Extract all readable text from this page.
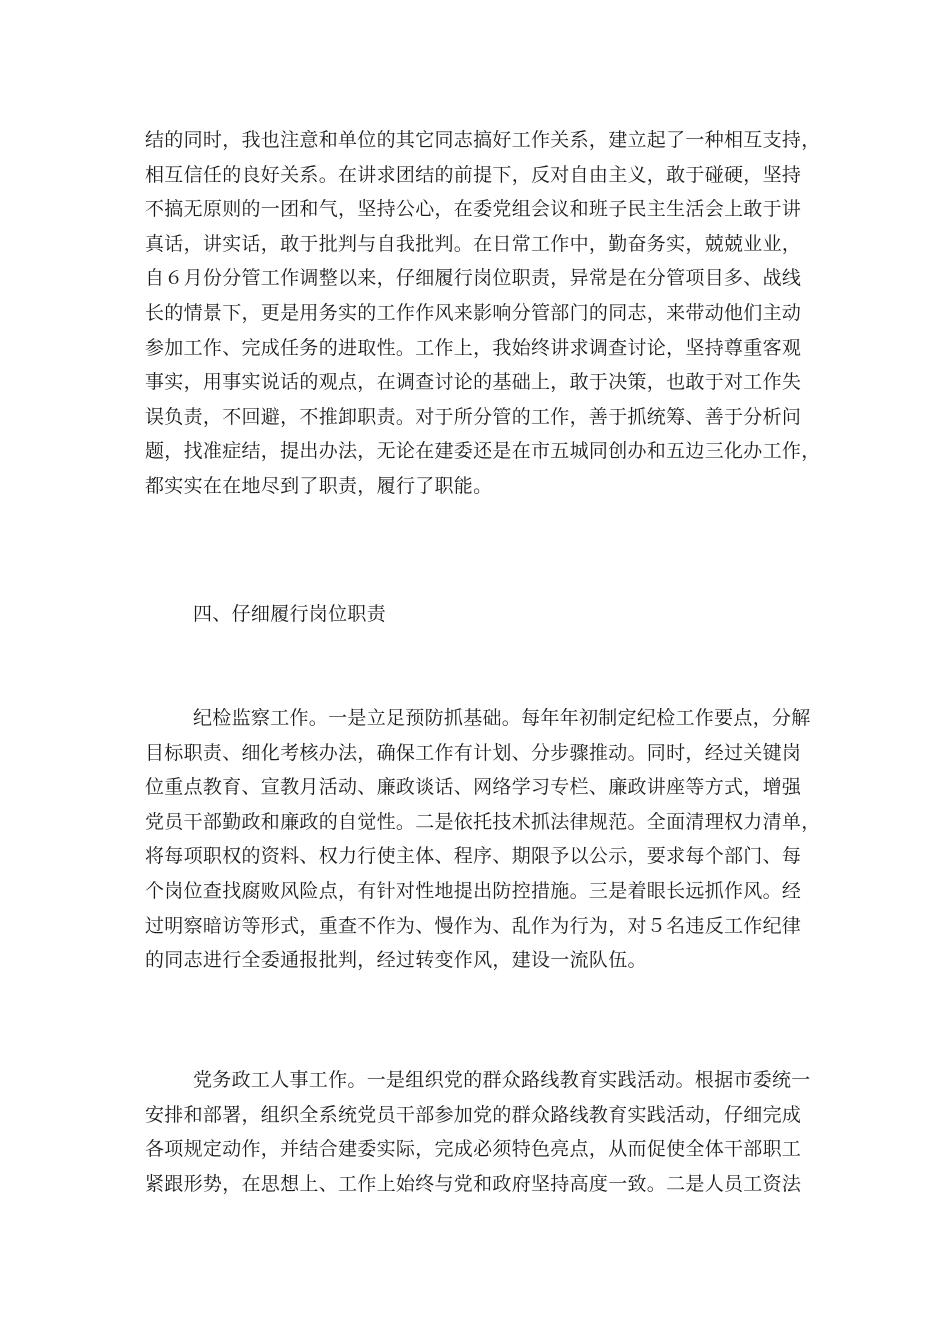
结的同时，我也注意和单位的其它同志搞好工作关系，建立起了一种相互支持，
相互信任的良好关系。在讲求团结的前提下，反对自由主义，敢于碰硬，坚持
不搞无原则的一团和气，坚持公心，在委党组会议和班子民主生活会上敢于讲
真话，讲实话，敢于批判与自我批判。在日常工作中，勤奋务实，兢兢业业，
自６月份分管工作调整以来，仔细履行岗位职责，异常是在分管项目多、战线
长的情景下，更是用务实的工作作风来影响分管部门的同志，来带动他们主动
参加工作、完成任务的进取性。工作上，我始终讲求调查讨论，坚持尊重客观
事实，用事实说话的观点，在调查讨论的基础上，敢于决策，也敢于对工作失
误负责，不回避，不推卸职责。对于所分管的工作，善于抓统筹、善于分析问
题，找准症结，提出办法，无论在建委还是在市五城同创办和五边三化办工作，
都实实在在地尽到了职责，履行了职能。
四、仔细履行岗位职责
纪检监察工作。一是立足预防抓基础。每年年初制定纪检工作要点，分解
目标职责、细化考核办法，确保工作有计划、分步骤推动。同时，经过关键岗
位重点教育、宣教月活动、廉政谈话、网络学习专栏、廉政讲座等方式，增强
党员干部勤政和廉政的自觉性。二是依托技术抓法律规范。全面清理权力清单，
将每项职权的资料、权力行使主体、程序、期限予以公示，要求每个部门、每
个岗位查找腐败风险点，有针对性地提出防控措施。三是着眼长远抓作风。经
过明察暗访等形式，重查不作为、慢作为、乱作为行为，对５名违反工作纪律
的同志进行全委通报批判，经过转变作风，建设一流队伍。
党务政工人事工作。一是组织党的群众路线教育实践活动。根据市委统一
安排和部署，组织全系统党员干部参加党的群众路线教育实践活动，仔细完成
各项规定动作，并结合建委实际，完成必须特色亮点，从而促使全体干部职工
紧跟形势，在思想上、工作上始终与党和政府坚持高度一致。二是人员工资法
